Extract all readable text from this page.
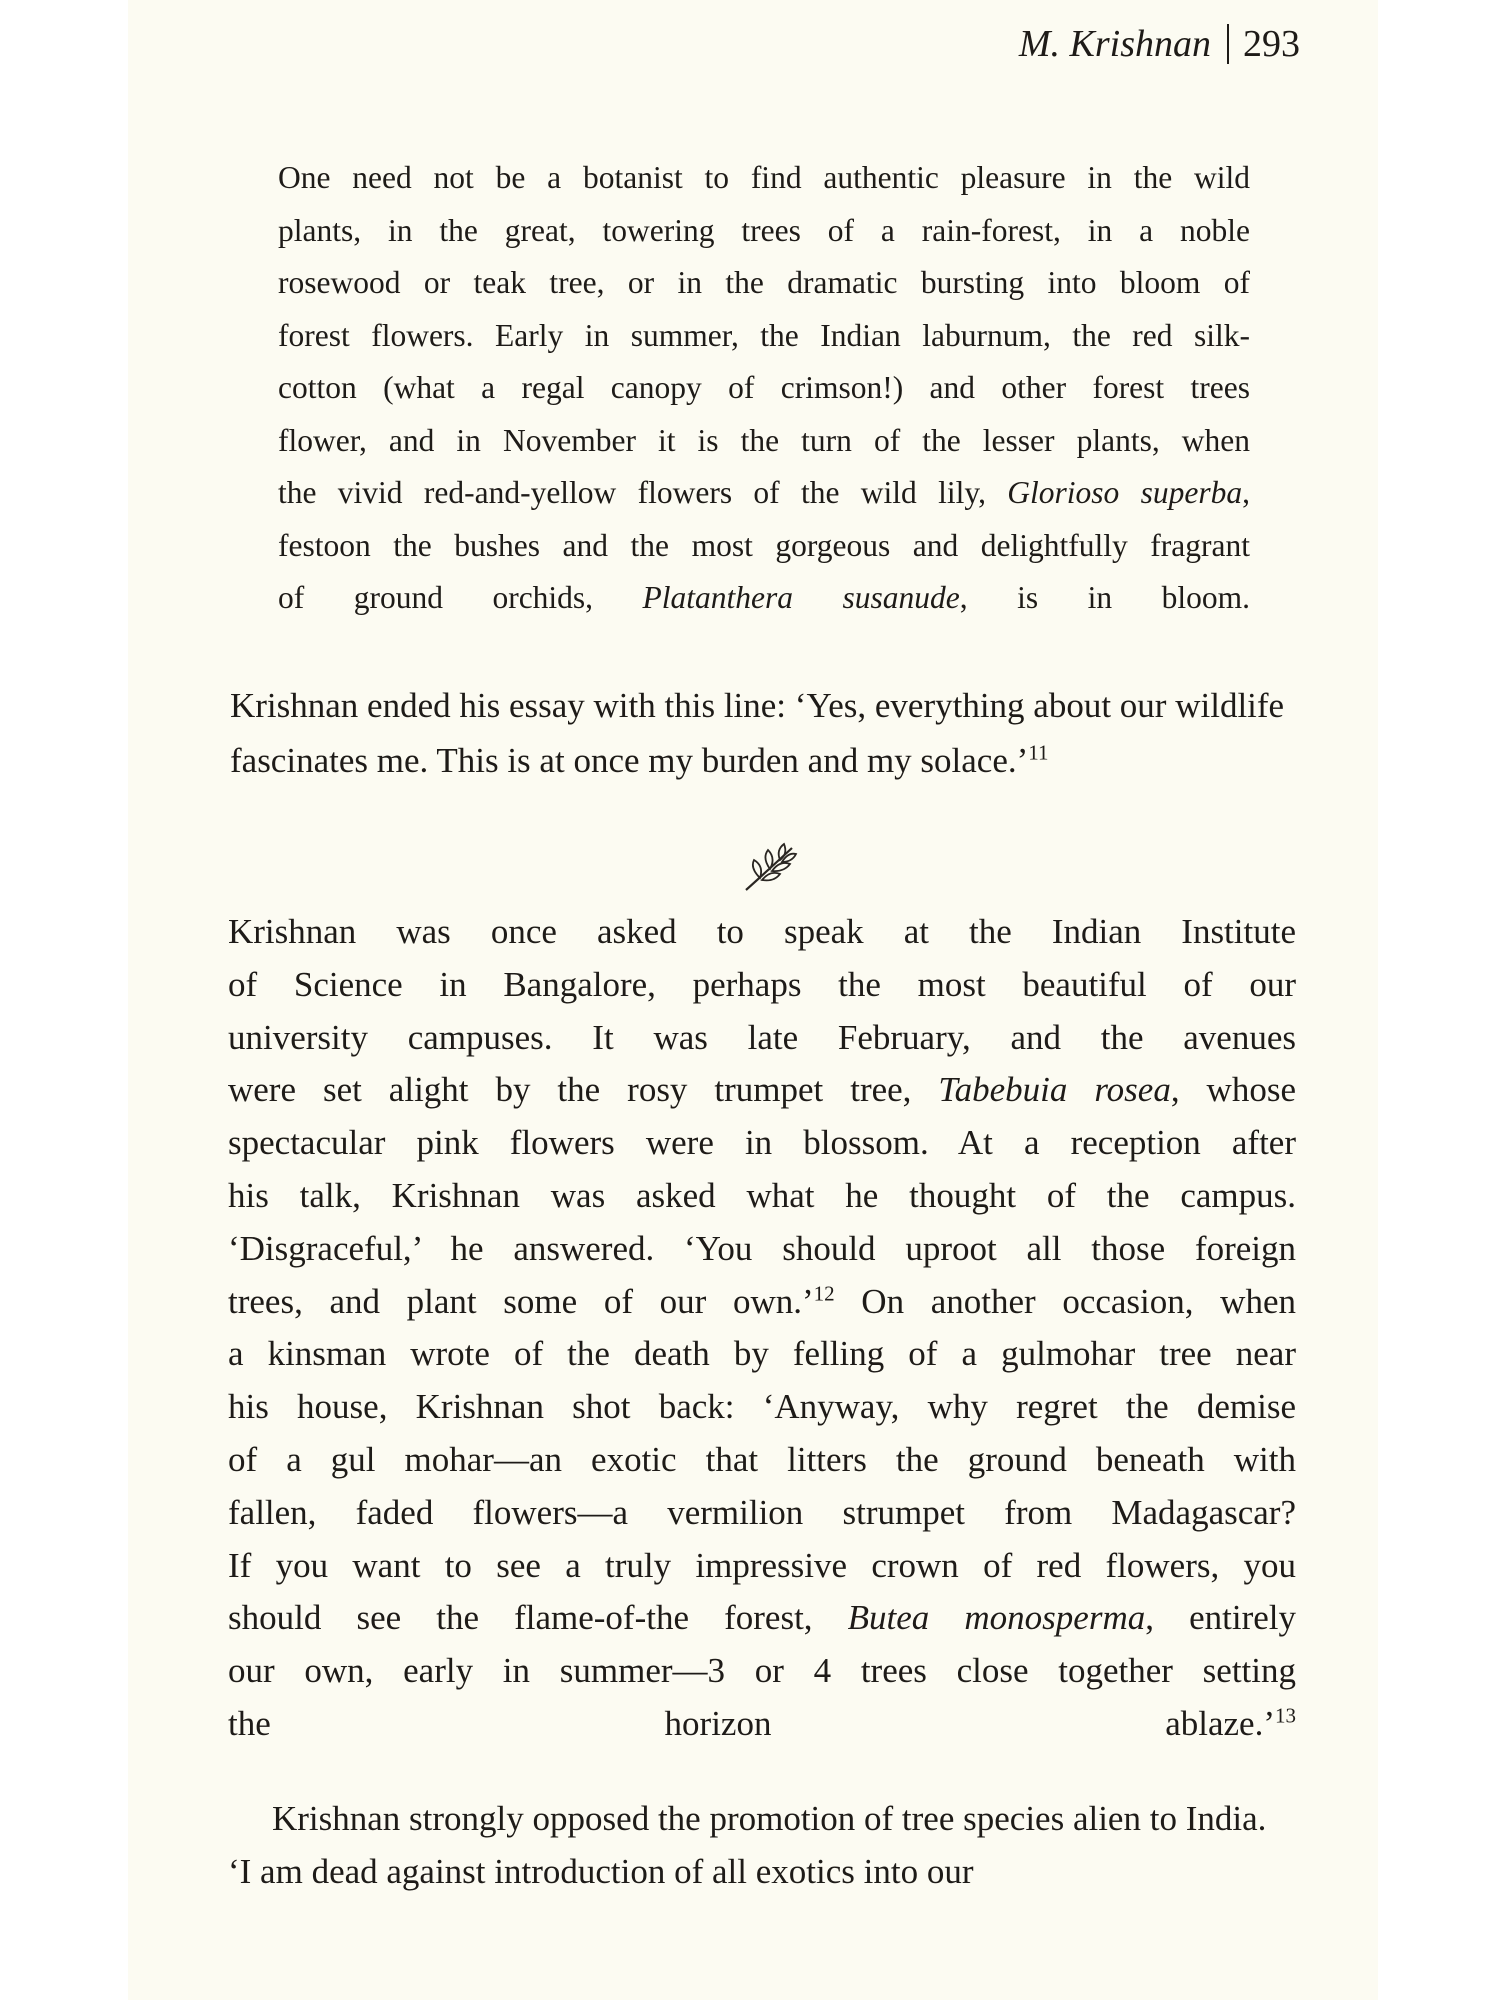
M. Krishnan 293
One need not be a botanist to find authentic pleasure in the wild
plants, in the great, towering trees of a rain-forest, in a noble
rosewood or teak tree, or in the dramatic bursting into bloom of
forest flowers. Early in summer, the Indian laburnum, the red silk-
cotton (what a regal canopy of crimson!) and other forest trees
flower, and in November it is the turn of the lesser plants, when
the vivid red-and-yellow flowers of the wild lily, Glorioso superba,
festoon the bushes and the most gorgeous and delightfully fragrant
of ground orchids, Platanthera susanude, is in bloom.
Krishnan ended his essay with this line: ‘Yes, everything about our wildlife fascinates me. This is at once my burden and my solace.’$^{11}$
Krishnan was once asked to speak at the Indian Institute
of Science in Bangalore, perhaps the most beautiful of our
university campuses. It was late February, and the avenues
were set alight by the rosy trumpet tree, Tabebuia rosea, whose
spectacular pink flowers were in blossom. At a reception after
his talk, Krishnan was asked what he thought of the campus.
‘Disgraceful,’ he answered. ‘You should uproot all those foreign
trees, and plant some of our own.’$^{12}$ On another occasion, when
a kinsman wrote of the death by felling of a gulmohar tree near
his house, Krishnan shot back: ‘Anyway, why regret the demise
of a gul mohar—an exotic that litters the ground beneath with
fallen, faded flowers—a vermilion strumpet from Madagascar?
If you want to see a truly impressive crown of red flowers, you
should see the flame-of-the forest, Butea monosperma, entirely
our own, early in summer—3 or 4 trees close together setting
the horizon ablaze.’$^{13}$
Krishnan strongly opposed the promotion of tree species alien to India. ‘I am dead against introduction of all exotics into our
